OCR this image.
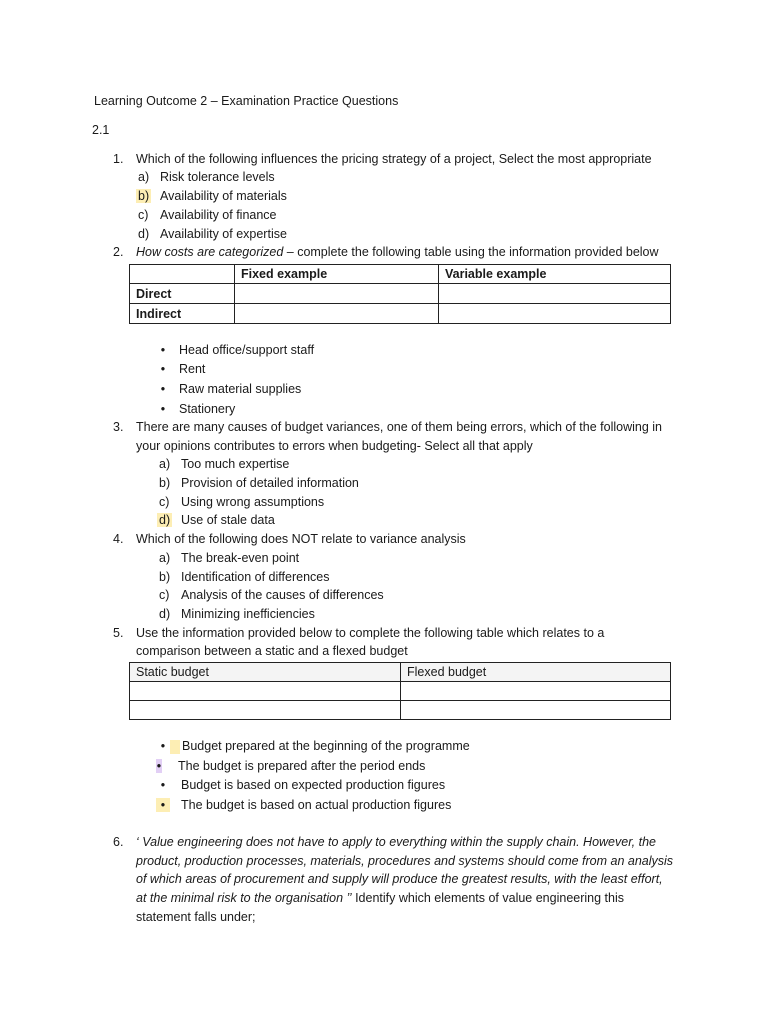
Learning Outcome 2 – Examination Practice Questions
2.1
1. Which of the following influences the pricing strategy of a project, Select the most appropriate
a) Risk tolerance levels
b) Availability of materials
c) Availability of finance
d) Availability of expertise
2. How costs are categorized – complete the following table using the information provided below
	Fixed example	Variable example
Direct		
Indirect		
• Head office/support staff
• Rent
• Raw material supplies
• Stationery
3. There are many causes of budget variances, one of them being errors, which of the following in
your opinions contributes to errors when budgeting- Select all that apply
a) Too much expertise
b) Provision of detailed information
c) Using wrong assumptions
d) Use of stale data
4. Which of the following does NOT relate to variance analysis
a) The break-even point
b) Identification of differences
c) Analysis of the causes of differences
d) Minimizing inefficiencies
5. Use the information provided below to complete the following table which relates to a
comparison between a static and a flexed budget
Static budget	Flexed budget

• Budget prepared at the beginning of the programme
• The budget is prepared after the period ends
• Budget is based on expected production figures
• The budget is based on actual production figures
6. ‘ Value engineering does not have to apply to everything within the supply chain. However, the
product, production processes, materials, procedures and systems should come from an analysis
of which areas of procurement and supply will produce the greatest results, with the least effort,
at the minimal risk to the organisation ’’ Identify which elements of value engineering this
statement falls under;
